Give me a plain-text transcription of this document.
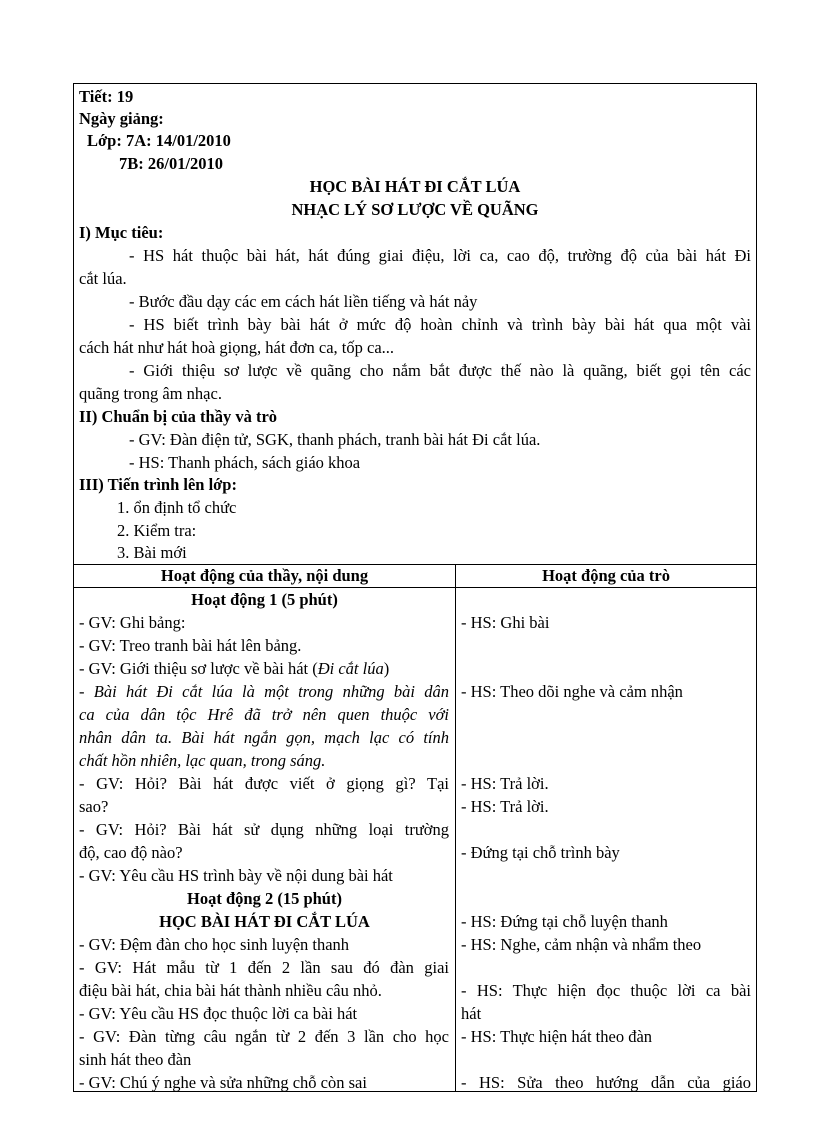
Tiết: 19
Ngày giảng:
Lớp: 7A: 14/01/2010
7B: 26/01/2010
HỌC BÀI HÁT ĐI CẮT LÚA
NHẠC LÝ SƠ LƯỢC VỀ QUÃNG
I) Mục tiêu:
- HS hát thuộc bài hát, hát đúng giai điệu, lời ca, cao độ, trường độ của bài hát Đi
cắt lúa.
- Bước đầu dạy các em cách hát liền tiếng và hát nảy
- HS biết trình bày bài hát ở mức độ hoàn chỉnh và trình bày bài hát qua một vài
cách hát như hát hoà giọng, hát đơn ca, tốp ca...
- Giới thiệu sơ lược về quãng cho nắm bắt được thế nào là quãng, biết gọi tên các
quãng trong âm nhạc.
II) Chuẩn bị của thầy và trò
- GV: Đàn điện tử, SGK, thanh phách, tranh bài hát Đi cắt lúa.
- HS: Thanh phách, sách giáo khoa
III) Tiến trình lên lớp:
1. ổn định tổ chức
2. Kiểm tra:
3. Bài mới
Hoạt động của thầy, nội dung	Hoạt động của trò
Hoạt động 1 (5 phút)
- GV: Ghi bảng:
- GV: Treo tranh bài hát lên bảng.
- GV: Giới thiệu sơ lược về bài hát (Đi cắt lúa)
- Bài hát Đi cắt lúa là một trong những bài dân
ca của dân tộc Hrê đã trở nên quen thuộc với
nhân dân ta. Bài hát ngắn gọn, mạch lạc có tính
chất hồn nhiên, lạc quan, trong sáng.
- GV: Hỏi? Bài hát được viết ở giọng gì? Tại
sao?
- GV: Hỏi? Bài hát sử dụng những loại trường
độ, cao độ nào?
- GV: Yêu cầu HS trình bày về nội dung bài hát
Hoạt động 2 (15 phút)
HỌC BÀI HÁT ĐI CẮT LÚA
- GV: Đệm đàn cho học sinh luyện thanh
- GV: Hát mẫu từ 1 đến 2 lần sau đó đàn giai
điệu bài hát, chia bài hát thành nhiều câu nhỏ.
- GV: Yêu cầu HS đọc thuộc lời ca bài hát
- GV: Đàn từng câu ngắn từ 2 đến 3 lần cho học
sinh hát theo đàn
- GV: Chú ý nghe và sửa những chỗ còn sai
- HS: Ghi bài
- HS: Theo dõi nghe và cảm nhận
- HS: Trả lời.
- HS: Trả lời.
- Đứng tại chỗ trình bày
- HS: Đứng tại chỗ luyện thanh
- HS: Nghe, cảm nhận và nhẩm theo
- HS: Thực hiện đọc thuộc lời ca bài
hát
- HS: Thực hiện hát theo đàn
- HS: Sửa theo hướng dẫn của giáo
